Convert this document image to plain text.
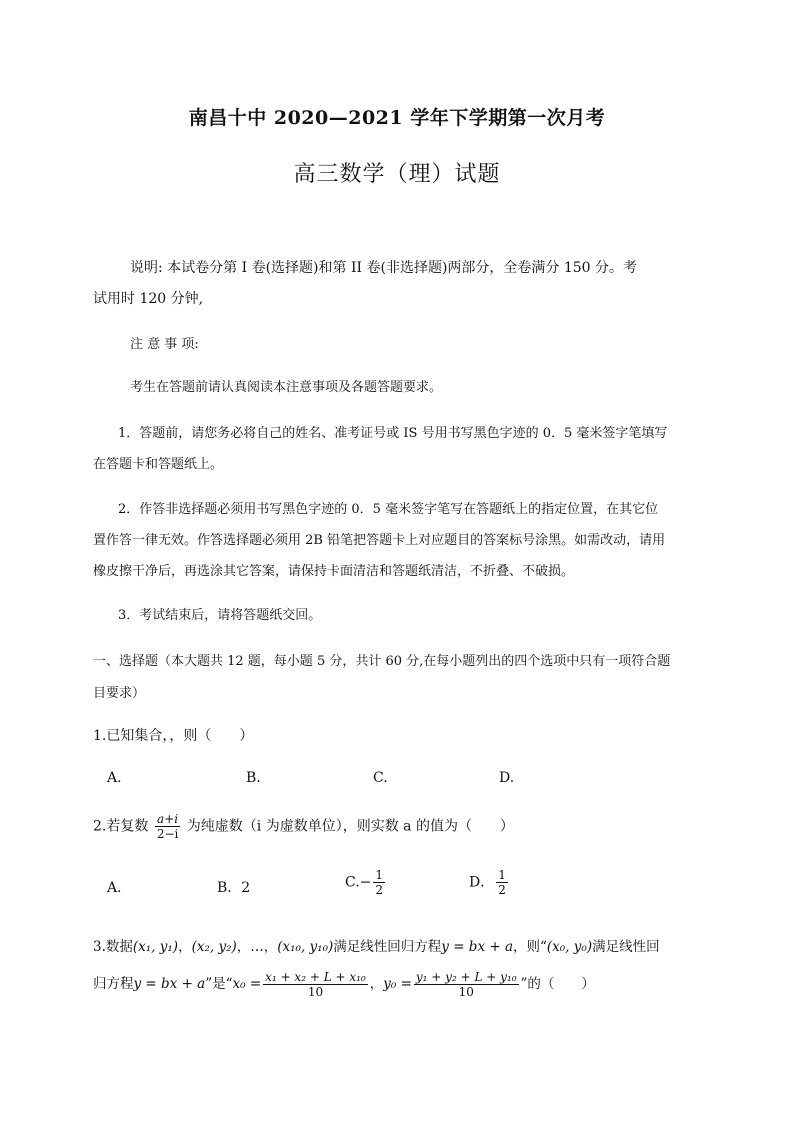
南昌十中 2020—2021 学年下学期第一次月考
高三数学（理）试题
说明: 本试卷分第 I 卷(选择题)和第 II 卷(非选择题)两部分，全卷满分 150 分。考
试用时 120 分钟,
注 意 事 项:
考生在答题前请认真阅读本注意事项及各题答题要求。
1．答题前，请您务必将自己的姓名、准考证号或 IS 号用书写黑色字迹的 0．5 毫米签字笔填写
在答题卡和答题纸上。
2．作答非选择题必须用书写黑色字迹的 0．5 毫米签字笔写在答题纸上的指定位置，在其它位
置作答一律无效。作答选择题必须用 2B 铅笔把答题卡上对应题目的答案标号涂黑。如需改动，请用
橡皮擦干净后，再选涂其它答案，请保持卡面清洁和答题纸清洁，不折叠、不破损。
3．考试结束后，请将答题纸交回。
一、选择题（本大题共 12 题，每小题 5 分，共计 60 分,在每小题列出的四个选项中只有一项符合题
目要求）
1.已知集合，，则（　　）
A.	B.	C.	D.
2.若复数 $\frac{a+i}{2-i}$ 为纯虚数（i 为虚数单位），则实数 a 的值为（　　）
A．	B．2	$C.- \frac{1}{2}$	D． $\frac{1}{2}$
3.数据(x₁, y₁)，(x₂, y₂)，…，(x₁₀, y₁₀)满足线性回归方程y = bx + a，则“(x₀, y₀)满足线性回
归方程y = bx + a”是“$x_0 = \frac{\text{x₁ + x₂ + L + x₁₀}}{10}$ ，$y_0 = \frac{\text{y₁ + y₂ + L + y₁₀}}{10}$ ”的（　　）
